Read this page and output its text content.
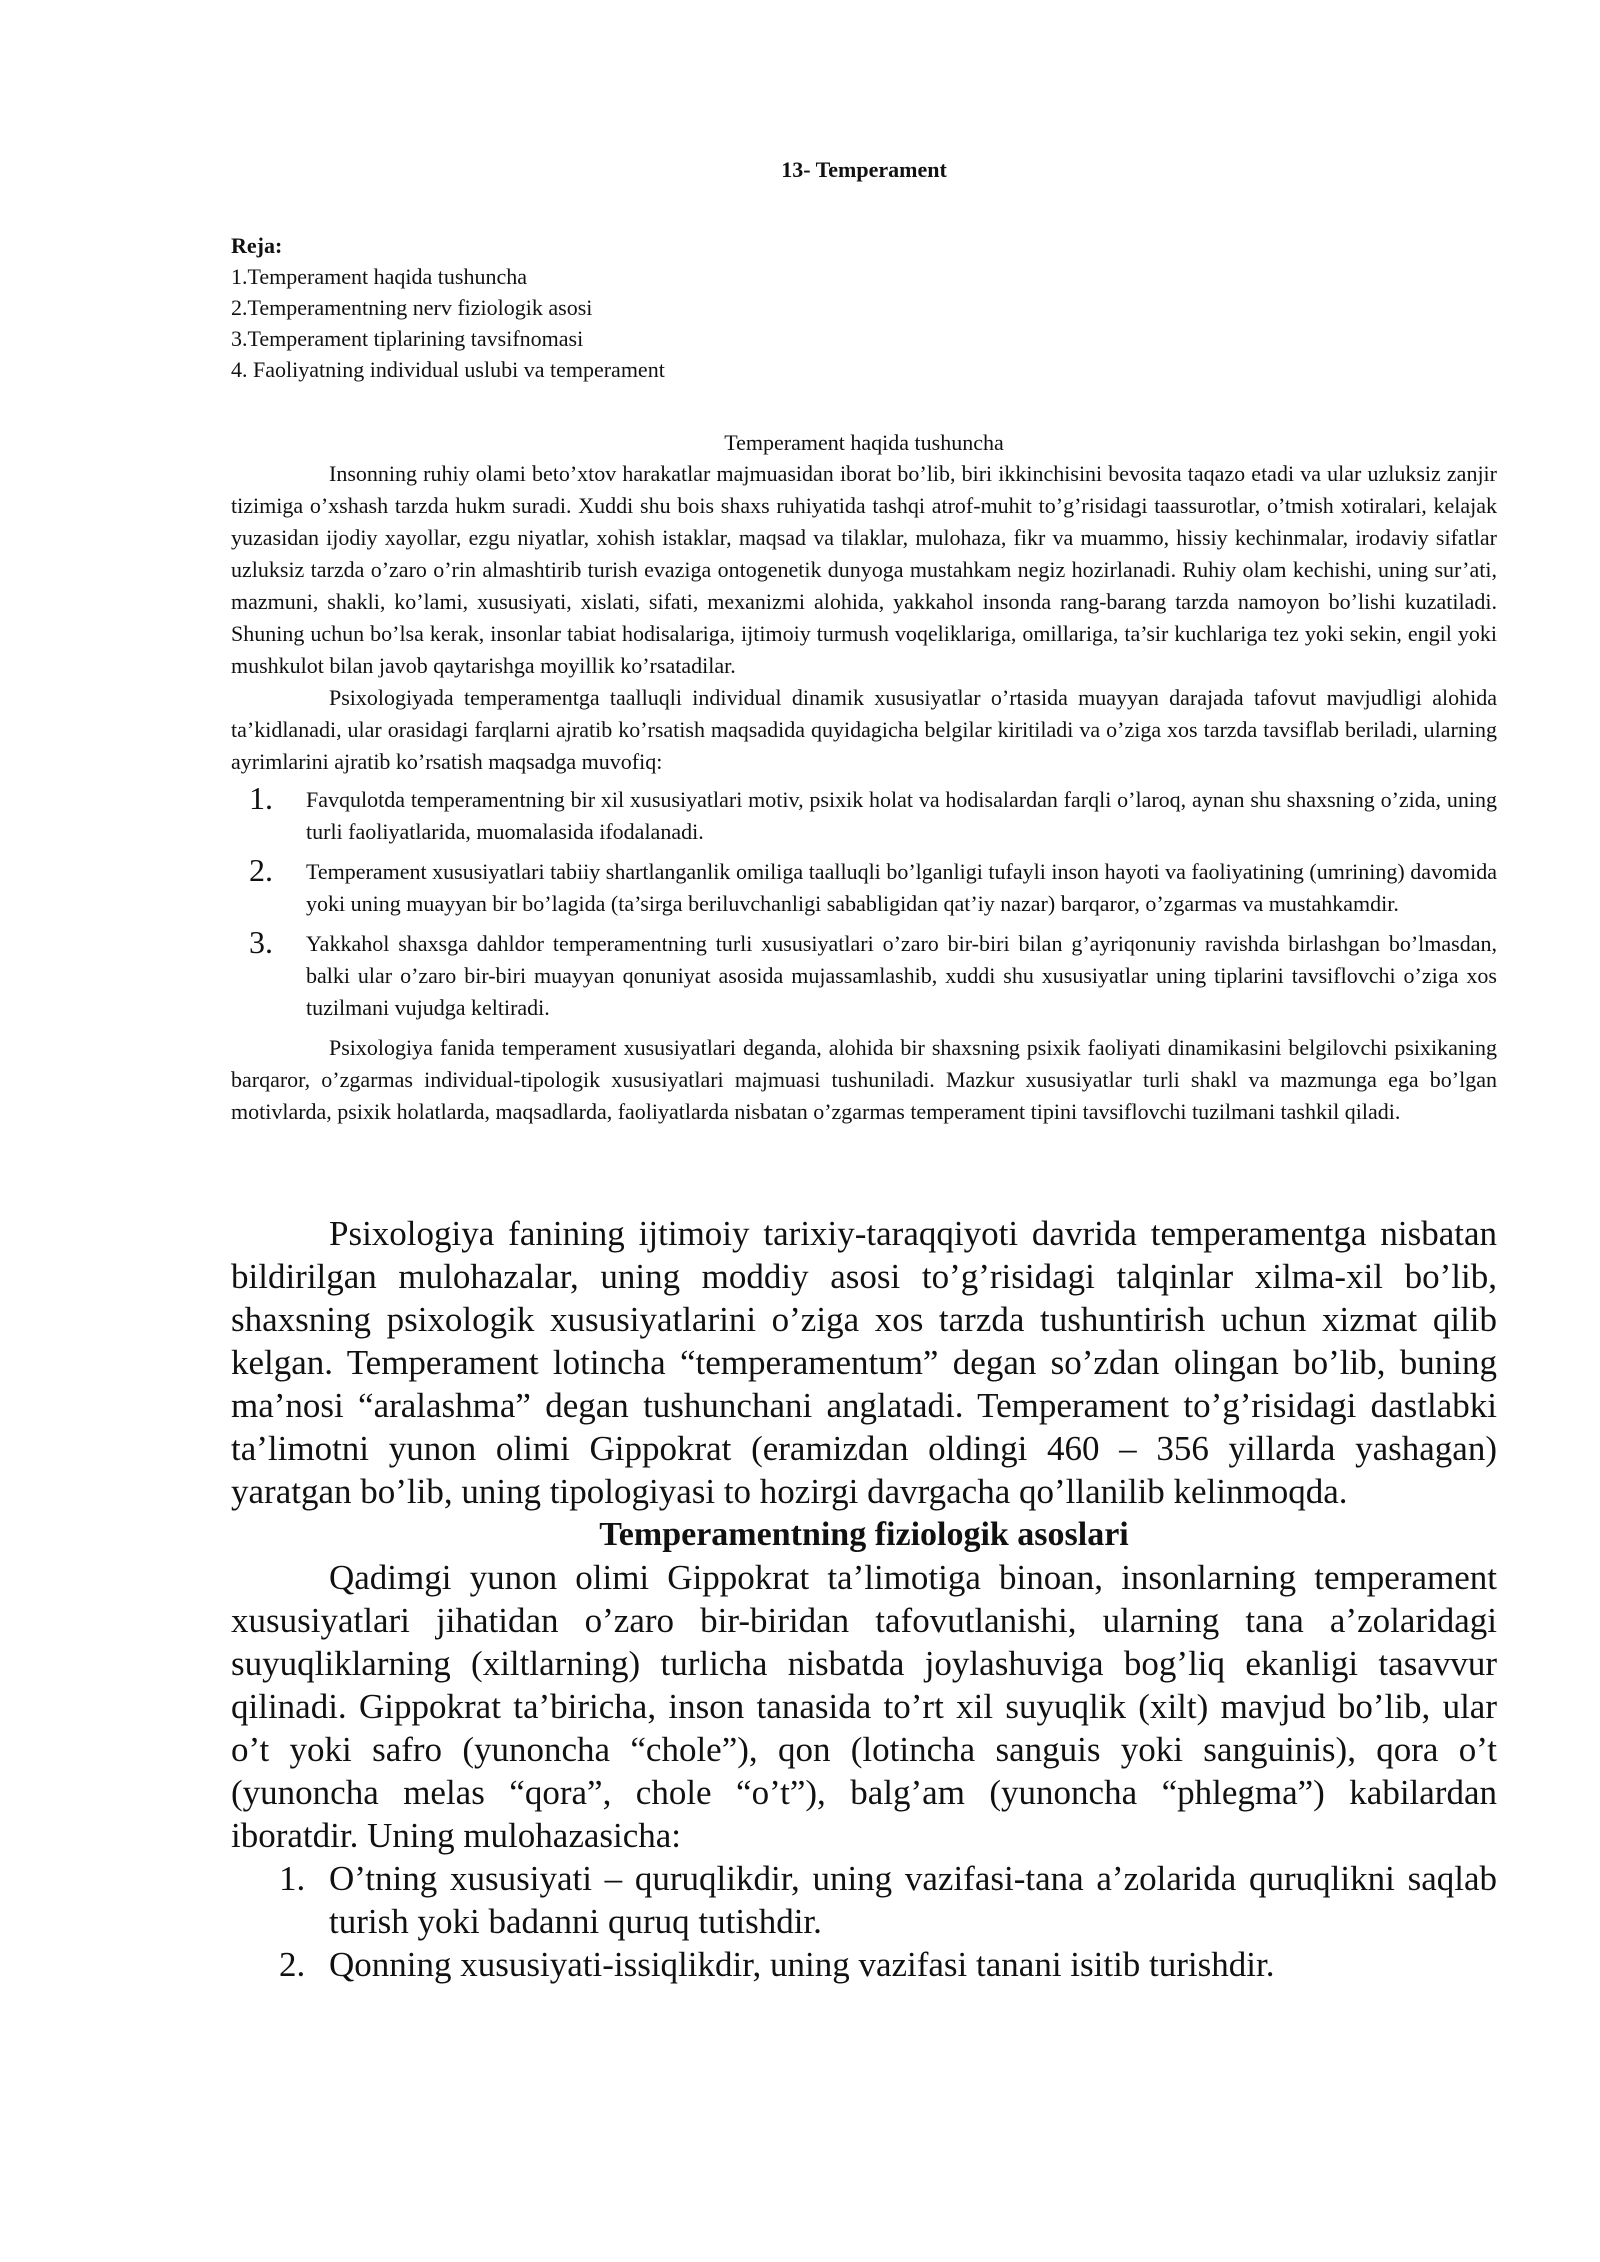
13- Temperament
Reja:
1.Temperament haqida tushuncha
2.Temperamentning nerv fiziologik asosi
3.Temperament tiplarining tavsifnomasi
4. Faoliyatning individual uslubi va temperament
Temperament haqida tushuncha

Insonning ruhiy olami beto’xtov harakatlar majmuasidan iborat bo’lib, biri ikkinchisini bevosita taqazo etadi va ular uzluksiz zanjir tizimiga o’xshash tarzda hukm suradi. Xuddi shu bois shaxs ruhiyatida tashqi atrof-muhit to’g’risidagi taassurotlar, o’tmish xotiralari, kelajak yuzasidan ijodiy xayollar, ezgu niyatlar, xohish istaklar, maqsad va tilaklar, mulohaza, fikr va muammo, hissiy kechinmalar, irodaviy sifatlar uzluksiz tarzda o’zaro o’rin almashtirib turish evaziga ontogenetik dunyoga mustahkam negiz hozirlanadi. Ruhiy olam kechishi, uning sur’ati, mazmuni, shakli, ko’lami, xususiyati, xislati, sifati, mexanizmi alohida, yakkahol insonda rang-barang tarzda namoyon bo’lishi kuzatiladi. Shuning uchun bo’lsa kerak, insonlar tabiat hodisalariga, ijtimoiy turmush voqeliklariga, omillariga, ta’sir kuchlariga tez yoki sekin, engil yoki mushkulot bilan javob qaytarishga moyillik ko’rsatadilar.

Psixologiyada temperamentga taalluqli individual dinamik xususiyatlar o’rtasida muayyan darajada tafovut mavjudligi alohida ta’kidlanadi, ular orasidagi farqlarni ajratib ko’rsatish maqsadida quyidagicha belgilar kiritiladi va o’ziga xos tarzda tavsiflab beriladi, ularning ayrimlarini ajratib ko’rsatish maqsadga muvofiq:

1. Favqulotda temperamentning bir xil xususiyatlari motiv, psixik holat va hodisalardan farqli o’laroq, aynan shu shaxsning o’zida, uning turli faoliyatlarida, muomalasida ifodalanadi.
2. Temperament xususiyatlari tabiiy shartlanganlik omiliga taalluqli bo’lganligi tufayli inson hayoti va faoliyatining (umrining) davomida yoki uning muayyan bir bo’lagida (ta’sirga beriluvchanligi sababligidan qat’iy nazar) barqaror, o’zgarmas va mustahkamdir.
3. Yakkahol shaxsga dahldor temperamentning turli xususiyatlari o’zaro bir-biri bilan g’ayriqonuniy ravishda birlashgan bo’lmasdan, balki ular o’zaro bir-biri muayyan qonuniyat asosida mujassamlashib, xuddi shu xususiyatlar uning tiplarini tavsiflovchi o’ziga xos tuzilmani vujudga keltiradi.

Psixologiya fanida temperament xususiyatlari deganda, alohida bir shaxsning psixik faoliyati dinamikasini belgilovchi psixikaning barqaror, o’zgarmas individual-tipologik xususiyatlari majmuasi tushuniladi. Mazkur xususiyatlar turli shakl va mazmunga ega bo’lgan motivlarda, psixik holatlarda, maqsadlarda, faoliyatlarda nisbatan o’zgarmas temperament tipini tavsiflovchi tuzilmani tashkil qiladi.

Psixologiya fanining ijtimoiy tarixiy-taraqqiyoti davrida temperamentga nisbatan bildirilgan mulohazalar, uning moddiy asosi to’g’risidagi talqinlar xilma-xil bo’lib, shaxsning psixologik xususiyatlarini o’ziga xos tarzda tushuntirish uchun xizmat qilib kelgan. Temperament lotincha “temperamentum” degan so’zdan olingan bo’lib, buning ma’nosi “aralashma” degan tushunchani anglatadi. Temperament to’g’risidagi dastlabki ta’limotni yunon olimi Gippokrat (eramizdan oldingi 460 – 356 yillarda yashagan) yaratgan bo’lib, uning tipologiyasi to hozirgi davrgacha qo’llanilib kelinmoqda.

Temperamentning fiziologik asoslari

Qadimgi yunon olimi Gippokrat ta’limotiga binoan, insonlarning temperament xususiyatlari jihatidan o’zaro bir-biridan tafovutlanishi, ularning tana a’zolaridagi suyuqliklarning (xiltlarning) turlicha nisbatda joylashuviga bog’liq ekanligi tasavvur qilinadi. Gippokrat ta’biricha, inson tanasida to’rt xil suyuqlik (xilt) mavjud bo’lib, ular o’t yoki safro (yunoncha “chole”), qon (lotincha sanguis yoki sanguinis), qora o’t (yunoncha melas “qora”, chole “o’t”), balg’am (yunoncha “phlegma”) kabilardan iboratdir. Uning mulohazasicha:

1. O’tning xususiyati – quruqlikdir, uning vazifasi-tana a’zolarida quruqlikni saqlab turish yoki badanni quruq tutishdir.
2. Qonning xususiyati-issiqlikdir, uning vazifasi tanani isitib turishdir.
